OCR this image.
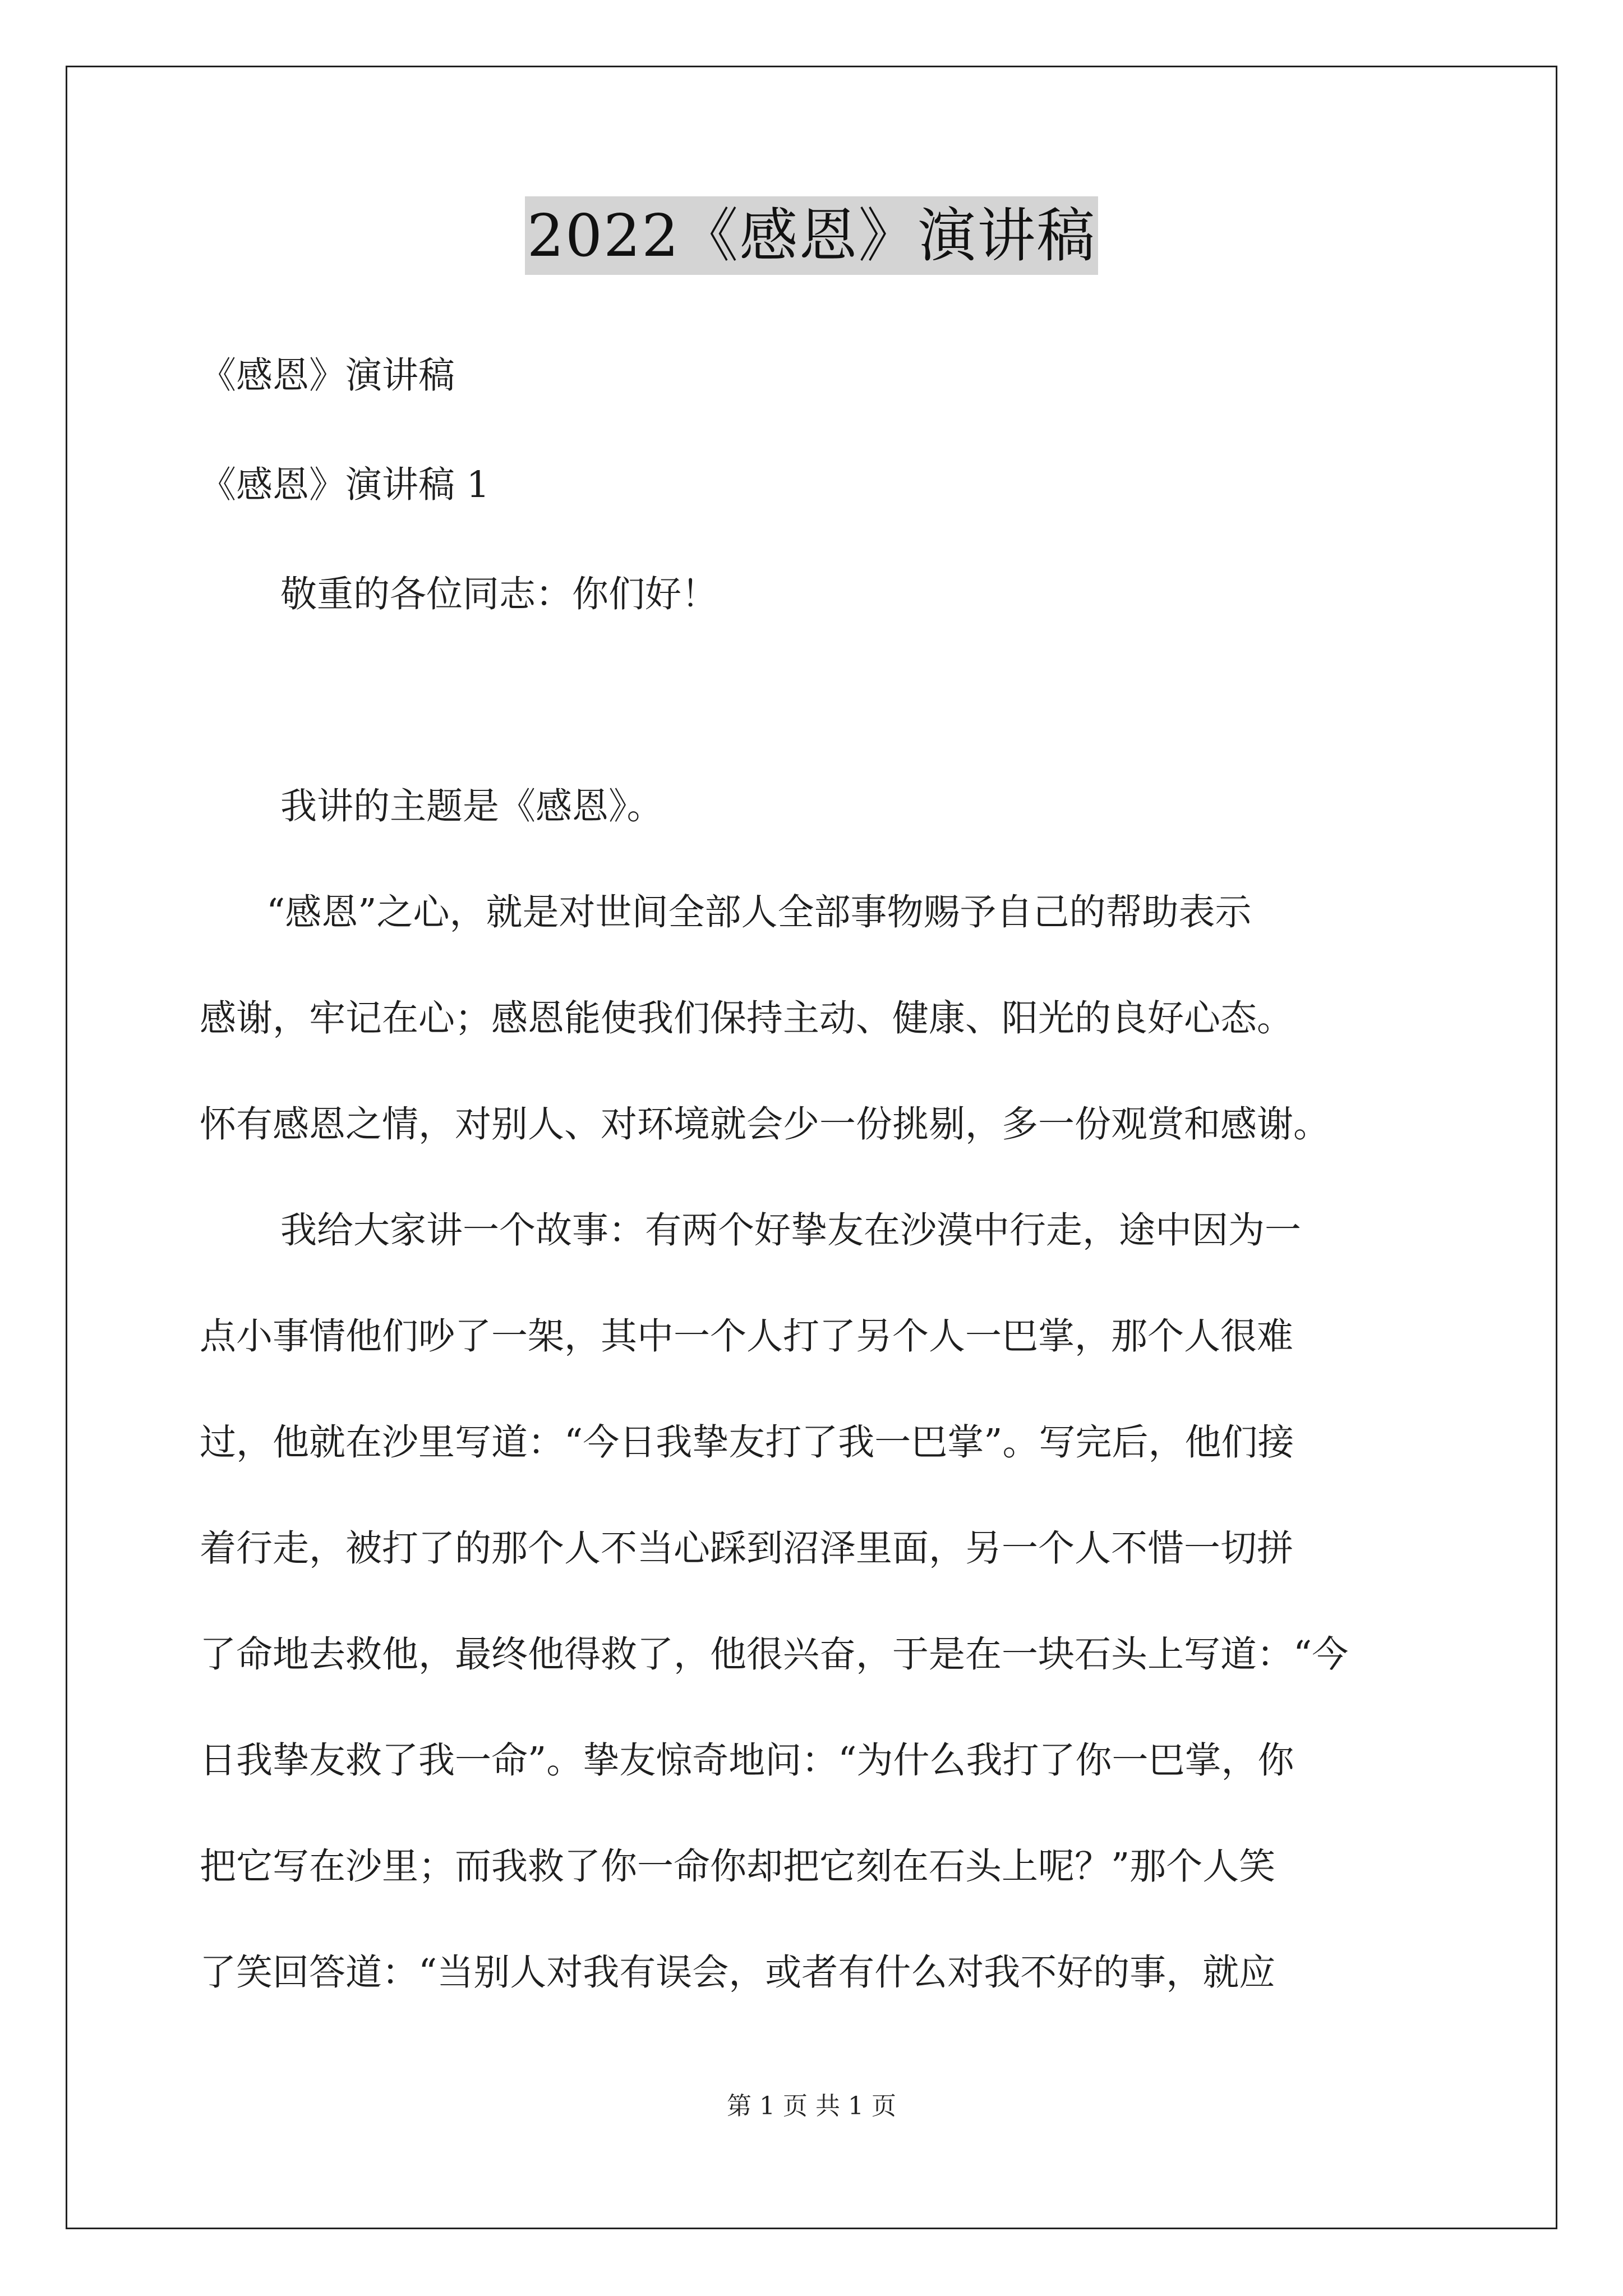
2022《感恩》演讲稿
《感恩》演讲稿
《感恩》演讲稿 1
敬重的各位同志：你们好！
我讲的主题是《感恩》。
“感恩”之心，就是对世间全部人全部事物赐予自己的帮助表示
感谢，牢记在心；感恩能使我们保持主动、健康、阳光的良好心态。
怀有感恩之情，对别人、对环境就会少一份挑剔，多一份观赏和感谢。
我给大家讲一个故事：有两个好挚友在沙漠中行走，途中因为一
点小事情他们吵了一架，其中一个人打了另个人一巴掌，那个人很难
过，他就在沙里写道：“今日我挚友打了我一巴掌”。写完后，他们接
着行走，被打了的那个人不当心踩到沼泽里面，另一个人不惜一切拼
了命地去救他，最终他得救了，他很兴奋，于是在一块石头上写道：“今
日我挚友救了我一命”。挚友惊奇地问：“为什么我打了你一巴掌，你
把它写在沙里；而我救了你一命你却把它刻在石头上呢？”那个人笑
了笑回答道：“当别人对我有误会，或者有什么对我不好的事，就应
第 1 页 共 1 页
